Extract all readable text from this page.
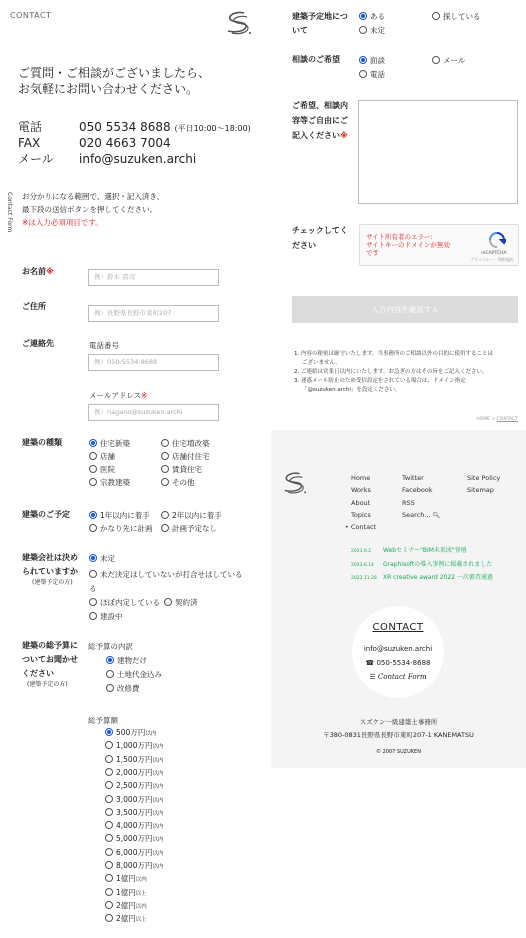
CONTACT
Contact Form
ご質問・ご相談がございましたら、
お気軽にお問い合わせください。
電話	050 5534 8688 (平日10:00〜18:00)
FAX	020 4663 7004
メール info@suzuken.archi
お分かりになる範囲で、選択・記入済き、
最下段の送信ボタンを押してください。
※は入力必須項目です。
お名前※
例）鈴木 責司
ご住所
例）長野県長野市東町207
ご連絡先	電話番号
例）050-5534-8688
メールアドレス※
例）nagano@suzuken.archi
建築の種類	住宅新築	住宅増改築
店舗	店舗付住宅
医院	賃貸住宅
宗教建築	その他
建築のご予定	1年以内に着手	2年以内に着手
かなり先に計画	計画予定なし
建築会社は決め
られていますか
(建築予定の方)
未定
未だ決定はしていないが打合せはしている
る
ほぼ内定している	契約済
建設中
建築の総予算に
ついてお聞かせ
ください
(建築予定の方)
総予算の内訳
建物だけ
土地代金込み
改修費
総予算額
500万円以内
1,000万円以内
1,500万円以内
2,000万円以内
2,500万円以内
3,000万円以内
3,500万円以内
4,000万円以内
5,000万円以内
6,000万円以内
8,000万円以内
1億円以内
1億円以上
2億円以内
2億円以上
建築予定地につ
いて
ある	探している
未定
相談のご希望	面談	メール
電話
ご希望、相談内
容等ご自由にご
記入ください※
チェックしてく
ださい
サイト所有者のエラー:
サイトキーのドメインが無効
です	reCAPTCHA
プライバシー - 利用規約
入力内容を確認する
1. 内容の秘密は厳守いたします。当事務所のご相談以外の目的に使用することは
ございません。
2. ご連絡は営業日以内にいたします。お急ぎの方はその旨をご記入ください。
3. 迷惑メール防止のため受信設定をされている場合は、ドメイン指定
「@suzuken.archi」を設定ください。
HOME > CONTACT
Home
Works
About
Topics
• Contact
Twitter
Facebook
RSS
Search... 🔍︎
Site Policy
Sitemap
2023.9.2 Webセミナー"BIM未来図"登壇
2023.6.14 Graphisoftの導入事例に掲載されました
2022.11.28 XR creative award 2022 一次審査通過
CONTACT
info@suzuken.archi
☎︎ 050-5534-8688
☰ Contact Form
スズケン一級建築士事務所
〒380-0831長野県長野市東町207-1 KANEMATSU
© 2007 SUZUKEN
